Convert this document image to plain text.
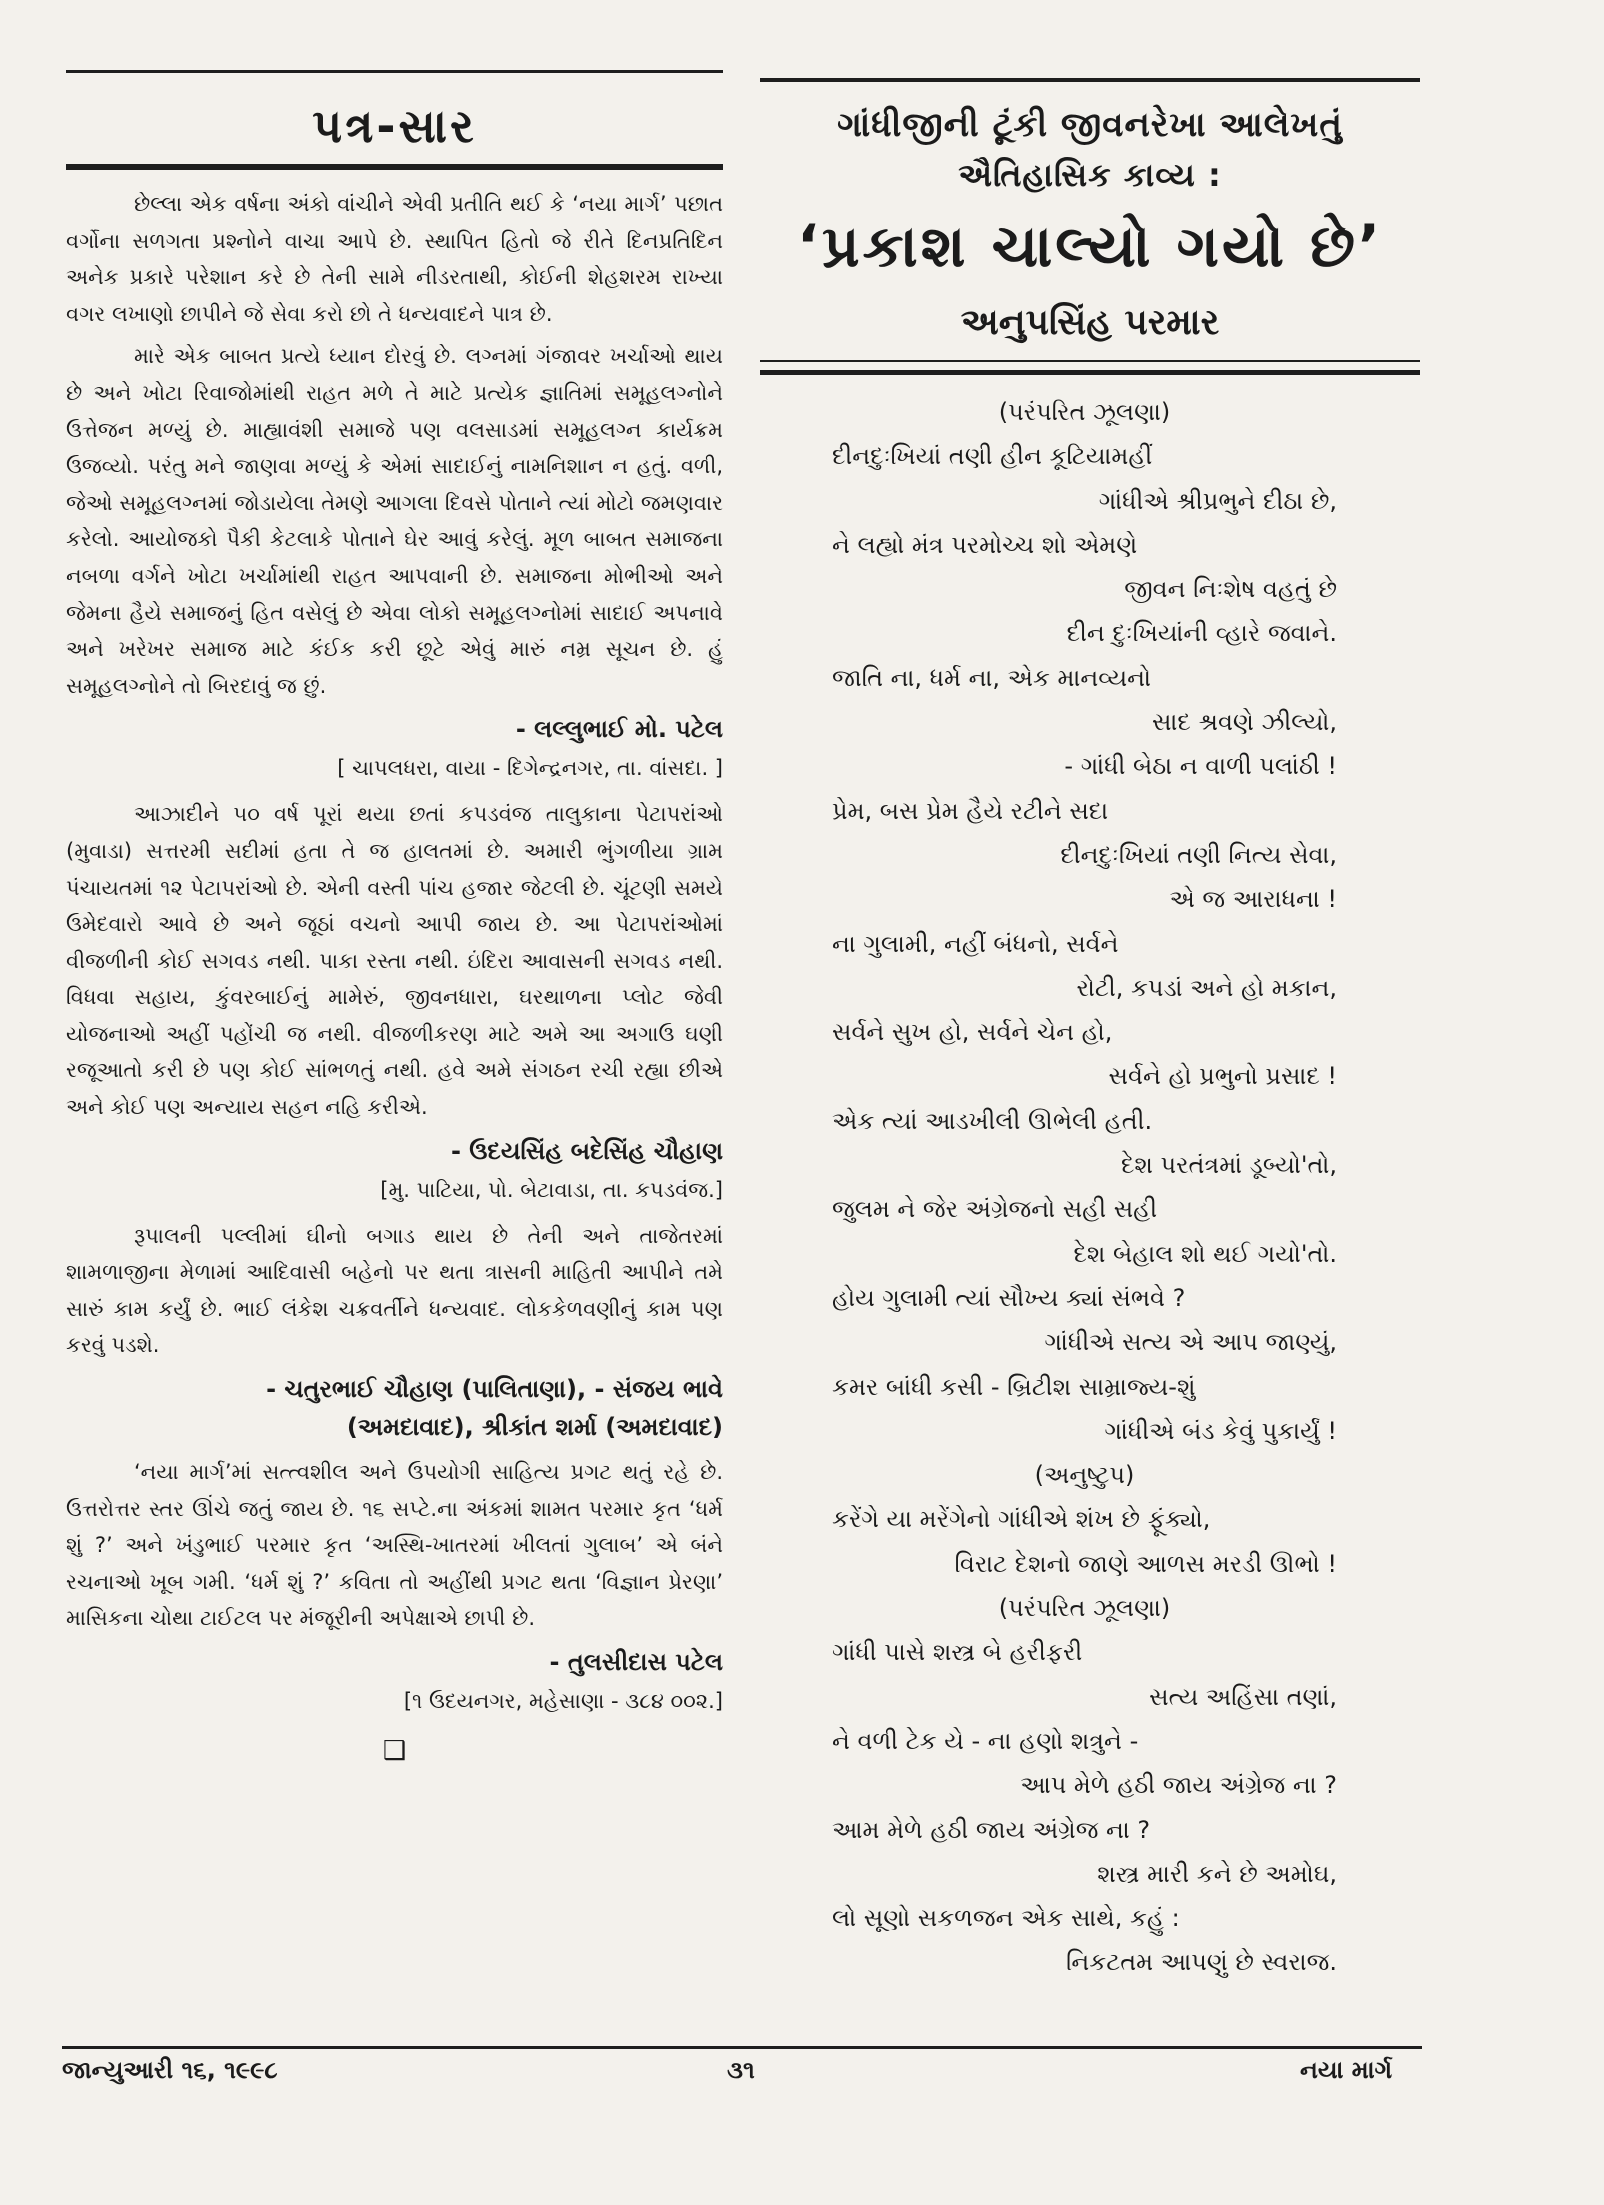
પત્ર-સાર

છેલ્લા એક વર્ષના અંકો વાંચીને એવી પ્રતીતિ થઈ કે ‘નયા માર્ગ’ પછાત વર્ગોના સળગતા પ્રશ્નોને વાચા આપે છે. સ્થાપિત હિતો જે રીતે દિનપ્રતિદિન અનેક પ્રકારે પરેશાન કરે છે તેની સામે નીડરતાથી, કોઈની શેહશરમ રાખ્યા વગર લખાણો છાપીને જે સેવા કરો છો તે ધન્યવાદને પાત્ર છે.

મારે એક બાબત પ્રત્યે ધ્યાન દોરવું છે. લગ્નમાં ગંજાવર ખર્ચાઓ થાય છે અને ખોટા રિવાજોમાંથી રાહત મળે તે માટે પ્રત્યેક જ્ઞાતિમાં સમૂહલગ્નોને ઉત્તેજન મળ્યું છે. માહ્યાવંશી સમાજે પણ વલસાડમાં સમૂહલગ્ન કાર્યક્રમ ઉજવ્યો. પરંતુ મને જાણવા મળ્યું કે એમાં સાદાઈનું નામનિશાન ન હતું. વળી, જેઓ સમૂહલગ્નમાં જોડાયેલા તેમણે આગલા દિવસે પોતાને ત્યાં મોટો જમણવાર કરેલો. આયોજકો પૈકી કેટલાકે પોતાને ઘેર આવું કરેલું. મૂળ બાબત સમાજના નબળા વર્ગને ખોટા ખર્ચામાંથી રાહત આપવાની છે. સમાજના મોભીઓ અને જેમના હૈયે સમાજનું હિત વસેલું છે એવા લોકો સમૂહલગ્નોમાં સાદાઈ અપનાવે અને ખરેખર સમાજ માટે કંઈક કરી છૂટે એવું મારું નમ્ર સૂચન છે. હું સમૂહલગ્નોને તો બિરદાવું જ છું.

- લલ્લુભાઈ મો. પટેલ

[ ચાપલધરા, વાયા - દિગેન્દ્રનગર, તા. વાંસદા. ]

આઝાદીને ૫૦ વર્ષ પૂરાં થયા છતાં કપડવંજ તાલુકાના પેટાપરાંઓ (મુવાડા) સત્તરમી સદીમાં હતા તે જ હાલતમાં છે. અમારી ભુંગળીયા ગ્રામ પંચાયતમાં ૧૨ પેટાપરાંઓ છે. એની વસ્તી પાંચ હજાર જેટલી છે. ચૂંટણી સમયે ઉમેદવારો આવે છે અને જૂઠાં વચનો આપી જાય છે. આ પેટાપરાંઓમાં વીજળીની કોઈ સગવડ નથી. પાકા રસ્તા નથી. ઇંદિરા આવાસની સગવડ નથી. વિધવા સહાય, કુંવરબાઈનું મામેરું, જીવનધારા, ઘરથાળના પ્લોટ જેવી યોજનાઓ અહીં પહોંચી જ નથી. વીજળીકરણ માટે અમે આ અગાઉ ઘણી રજૂઆતો કરી છે પણ કોઈ સાંભળતું નથી. હવે અમે સંગઠન રચી રહ્યા છીએ અને કોઈ પણ અન્યાય સહન નહિ કરીએ.

- ઉદયસિંહ બદેસિંહ ચૌહાણ

[મુ. પાટિયા, પો. બેટાવાડા, તા. કપડવંજ.]

રૂપાલની પલ્લીમાં ઘીનો બગાડ થાય છે તેની અને તાજેતરમાં શામળાજીના મેળામાં આદિવાસી બહેનો પર થતા ત્રાસની માહિતી આપીને તમે સારું કામ કર્યું છે. ભાઈ લંકેશ ચક્રવર્તીને ધન્યવાદ. લોકકેળવણીનું કામ પણ કરવું પડશે.

- ચતુરભાઈ ચૌહાણ (પાલિતાણા), - સંજય ભાવે (અમદાવાદ), શ્રીકાંત શર્મા (અમદાવાદ)

‘નયા માર્ગ’માં સત્ત્વશીલ અને ઉપયોગી સાહિત્ય પ્રગટ થતું રહે છે. ઉત્તરોત્તર સ્તર ઊંચે જતું જાય છે. ૧૬ સપ્ટે.ના અંકમાં શામત પરમાર કૃત ‘ધર્મ શું ?’ અને ખંડુભાઈ પરમાર કૃત ‘અસ્થિ-ખાતરમાં ખીલતાં ગુલાબ’ એ બંને રચનાઓ ખૂબ ગમી. ‘ધર્મ શું ?’ કવિતા તો અહીંથી પ્રગટ થતા ‘વિજ્ઞાન પ્રેરણા’ માસિકના ચોથા ટાઈટલ પર મંજૂરીની અપેક્ષાએ છાપી છે.

- તુલસીદાસ પટેલ

[૧ ઉદયનગર, મહેસાણા - ૩૮૪ ૦૦૨.]

❑

ગાંધીજીની ટૂંકી જીવનરેખા આલેખતું

ઐતિહાસિક કાવ્ય :

‘પ્રકાશ ચાલ્યો ગયો છે’

અનુપસિંહ પરમાર

(પરંપરિત ઝૂલણા)

દીનદુઃખિયાં તણી હીન કૂટિયામહીં

ગાંધીએ શ્રીપ્રભુને દીઠા છે,

ને લહ્યો મંત્ર પરમોચ્ચ શો એમણે

જીવન નિઃશેષ વહતું છે

દીન દુઃખિયાંની વ્હારે જવાને.

જાતિ ના, ધર્મ ના, એક માનવ્યનો

સાદ શ્રવણે ઝીલ્યો,

- ગાંધી બેઠા ન વાળી પલાંઠી !

પ્રેમ, બસ પ્રેમ હૈયે રટીને સદા

દીનદુઃખિયાં તણી નિત્ય સેવા,

એ જ આરાધના !

ના ગુલામી, નહીં બંધનો, સર્વને

રોટી, કપડાં અને હો મકાન,

સર્વને સુખ હો, સર્વને ચેન હો,

સર્વને હો પ્રભુનો પ્રસાદ !

એક ત્યાં આડખીલી ઊભેલી હતી.

દેશ પરતંત્રમાં ડૂબ્યો'તો,

જુલમ ને જેર અંગ્રેજનો સહી સહી

દેશ બેહાલ શો થઈ ગયો'તો.

હોય ગુલામી ત્યાં સૌખ્ય ક્યાં સંભવે ?

ગાંધીએ સત્ય એ આપ જાણ્યું,

કમર બાંધી કસી - બ્રિટીશ સામ્રાજ્ય-શું

ગાંધીએ બંડ કેવું પુકાર્યું !

(અનુષ્ટુપ)

કરેંગે યા મરેંગેનો ગાંધીએ શંખ છે ફૂંક્યો,

વિરાટ દેશનો જાણે આળસ મરડી ઊભો !

(પરંપરિત ઝૂલણા)

ગાંધી પાસે શસ્ત્ર બે હરીફરી

સત્ય અહિંસા તણાં,

ને વળી ટેક યે - ના હણો શત્રુને -

આપ મેળે હઠી જાય અંગ્રેજ ના ?

આમ મેળે હઠી જાય અંગ્રેજ ના ?

શસ્ત્ર મારી કને છે અમોઘ,

લો સૂણો સકળજન એક સાથે, કહું :

નિકટતમ આપણું છે સ્વરાજ.

જાન્યુઆરી ૧૬, ૧૯૯૮	૩૧	નયા માર્ગ
